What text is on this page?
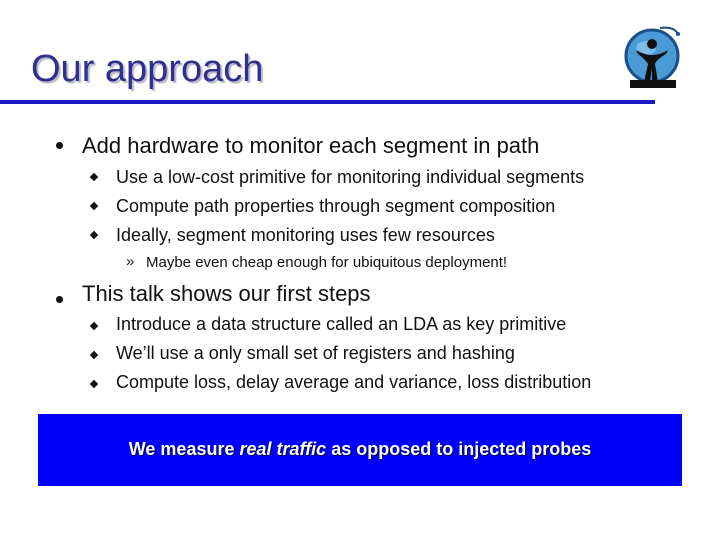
Our approach
Add hardware to monitor each segment in path
Use a low-cost primitive for monitoring individual segments
Compute path properties through segment composition
Ideally, segment monitoring uses few resources
» Maybe even cheap enough for ubiquitous deployment!
This talk shows our first steps
Introduce a data structure called an LDA as key primitive
We’ll use a only small set of registers and hashing
Compute loss, delay average and variance, loss distribution
We measure real traffic as opposed to injected probes
